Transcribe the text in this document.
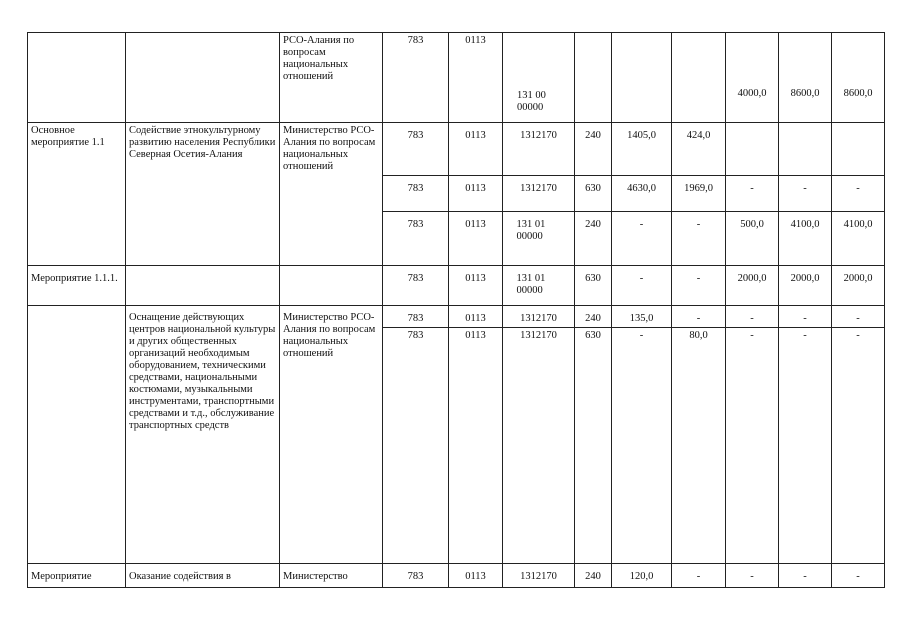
		РСО-Алания по вопросам национальных отношений	783	0113	131 00 00000				4000,0	8600,0	8600,0
Основное мероприятие 1.1	Содействие этнокультурному развитию населения Республики Северная Осетия-Алания	Министерство РСО-Алания по вопросам национальных отношений	783	0113	1312170	240	1405,0	424,0			
			783	0113	1312170	630	4630,0	1969,0	-	-	-
			783	0113	131 01 00000	240	-	-	500,0	4100,0	4100,0
Мероприятие 1.1.1.			783	0113	131 01 00000	630	-	-	2000,0	2000,0	2000,0
	Оснащение действующих центров национальной культуры и других общественных организаций необходимым оборудованием, техническими средствами, национальными костюмами, музыкальными инструментами, транспортными средствами и т.д., обслуживание транспортных средств	Министерство РСО-Алания по вопросам национальных отношений	783	0113	1312170	240	135,0	-	-	-	-
			783	0113	1312170	630	-	80,0	-	-	-
Мероприятие	Оказание содействия в	Министерство	783	0113	1312170	240	120,0	-	-	-	-
